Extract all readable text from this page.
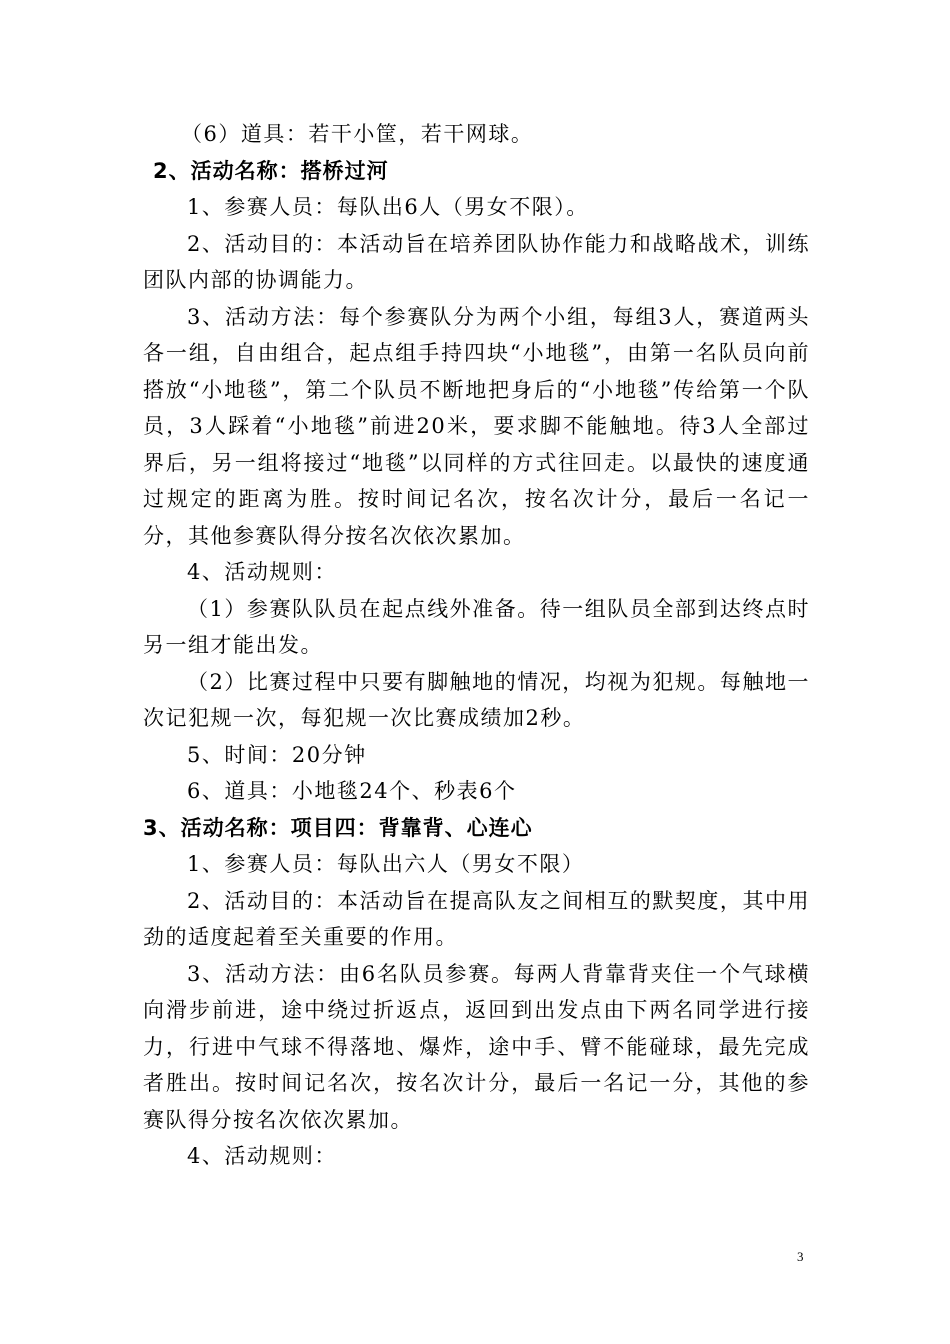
（6）道具：若干小筐，若干网球。

2、活动名称：搭桥过河

1、参赛人员：每队出6人（男女不限）。

2、活动目的：本活动旨在培养团队协作能力和战略战术，训练团队内部的协调能力。

3、活动方法：每个参赛队分为两个小组，每组3人，赛道两头各一组，自由组合，起点组手持四块“小地毯”，由第一名队员向前搭放“小地毯”，第二个队员不断地把身后的“小地毯”传给第一个队员，3人踩着“小地毯”前进20米，要求脚不能触地。待3人全部过界后，另一组将接过“地毯”以同样的方式往回走。以最快的速度通过规定的距离为胜。按时间记名次，按名次计分，最后一名记一分，其他参赛队得分按名次依次累加。

4、活动规则：

（1）参赛队队员在起点线外准备。待一组队员全部到达终点时另一组才能出发。

（2）比赛过程中只要有脚触地的情况，均视为犯规。每触地一次记犯规一次，每犯规一次比赛成绩加2秒。

5、时间：20分钟

6、道具：小地毯24个、秒表6个

3、活动名称：项目四：背靠背、心连心

1、参赛人员：每队出六人（男女不限）

2、活动目的：本活动旨在提高队友之间相互的默契度，其中用劲的适度起着至关重要的作用。

3、活动方法：由6名队员参赛。每两人背靠背夹住一个气球横向滑步前进，途中绕过折返点，返回到出发点由下两名同学进行接力，行进中气球不得落地、爆炸，途中手、臂不能碰球，最先完成者胜出。按时间记名次，按名次计分，最后一名记一分，其他的参赛队得分按名次依次累加。

4、活动规则：

3
